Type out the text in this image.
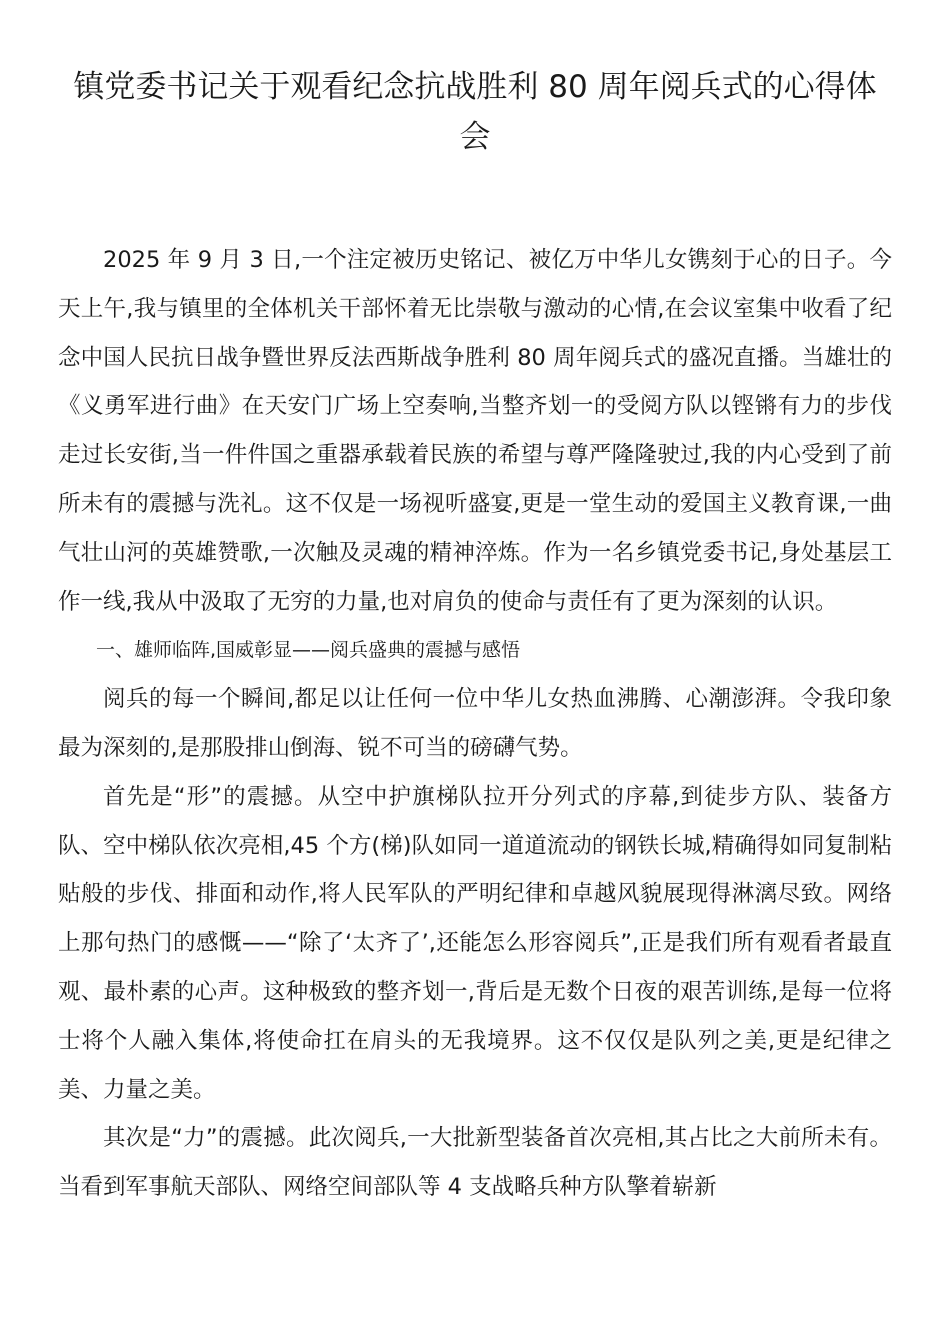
镇党委书记关于观看纪念抗战胜利 80 周年阅兵式的心得体会

2025 年 9 月 3 日,一个注定被历史铭记、被亿万中华儿女镌刻于心的日子。今天上午,我与镇里的全体机关干部怀着无比崇敬与激动的心情,在会议室集中收看了纪念中国人民抗日战争暨世界反法西斯战争胜利 80 周年阅兵式的盛况直播。当雄壮的《义勇军进行曲》在天安门广场上空奏响,当整齐划一的受阅方队以铿锵有力的步伐走过长安街,当一件件国之重器承载着民族的希望与尊严隆隆驶过,我的内心受到了前所未有的震撼与洗礼。这不仅是一场视听盛宴,更是一堂生动的爱国主义教育课,一曲气壮山河的英雄赞歌,一次触及灵魂的精神淬炼。作为一名乡镇党委书记,身处基层工作一线,我从中汲取了无穷的力量,也对肩负的使命与责任有了更为深刻的认识。

一、雄师临阵,国威彰显——阅兵盛典的震撼与感悟

阅兵的每一个瞬间,都足以让任何一位中华儿女热血沸腾、心潮澎湃。令我印象最为深刻的,是那股排山倒海、锐不可当的磅礴气势。

首先是“形”的震撼。从空中护旗梯队拉开分列式的序幕,到徒步方队、装备方队、空中梯队依次亮相,45 个方(梯)队如同一道道流动的钢铁长城,精确得如同复制粘贴般的步伐、排面和动作,将人民军队的严明纪律和卓越风貌展现得淋漓尽致。网络上那句热门的感慨——“除了‘太齐了’,还能怎么形容阅兵”,正是我们所有观看者最直观、最朴素的心声。这种极致的整齐划一,背后是无数个日夜的艰苦训练,是每一位将士将个人融入集体,将使命扛在肩头的无我境界。这不仅仅是队列之美,更是纪律之美、力量之美。

其次是“力”的震撼。此次阅兵,一大批新型装备首次亮相,其占比之大前所未有。当看到军事航天部队、网络空间部队等 4 支战略兵种方队擎着崭新
